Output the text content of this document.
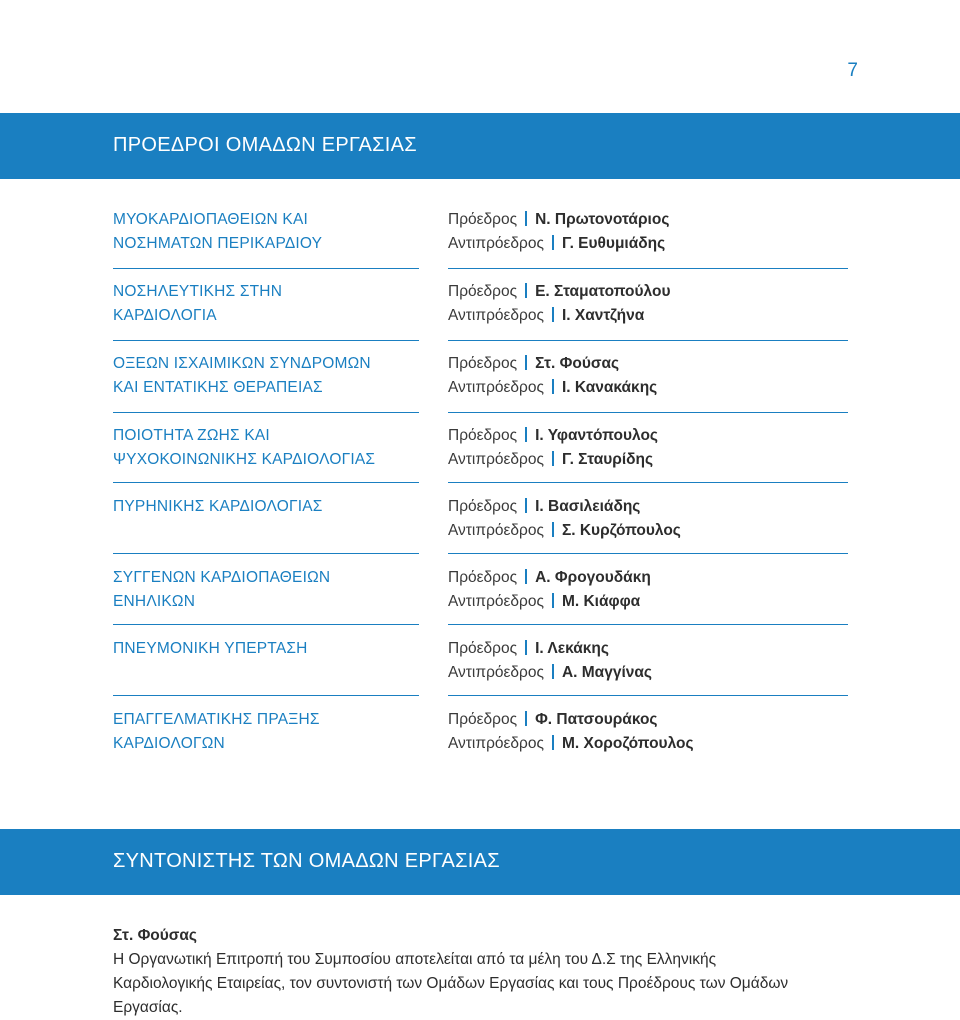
7
ΠΡΟΕΔΡΟΙ ΟΜΑΔΩΝ ΕΡΓΑΣΙΑΣ
ΜΥΟΚΑΡΔΙΟΠΑΘΕΙΩΝ ΚΑΙ
ΝΟΣΗΜΑΤΩΝ ΠΕΡΙΚΑΡΔΙΟΥ
Πρόεδρος Ν. Πρωτονοτάριος
Αντιπρόεδρος Γ. Ευθυμιάδης
ΝΟΣΗΛΕΥΤΙΚΗΣ ΣΤΗΝ
ΚΑΡΔΙΟΛΟΓΙΑ
Πρόεδρος Ε. Σταματοπούλου
Αντιπρόεδρος Ι. Χαντζήνα
ΟΞΕΩΝ ΙΣΧΑΙΜΙΚΩΝ ΣΥΝΔΡΟΜΩΝ
ΚΑΙ ΕΝΤΑΤΙΚΗΣ ΘΕΡΑΠΕΙΑΣ
Πρόεδρος Στ. Φούσας
Αντιπρόεδρος Ι. Κανακάκης
ΠΟΙΟΤΗΤΑ ΖΩΗΣ ΚΑΙ
ΨΥΧΟΚΟΙΝΩΝΙΚΗΣ ΚΑΡΔΙΟΛΟΓΙΑΣ
Πρόεδρος Ι. Υφαντόπουλος
Αντιπρόεδρος Γ. Σταυρίδης
ΠΥΡΗΝΙΚΗΣ ΚΑΡΔΙΟΛΟΓΙΑΣ	Πρόεδρος Ι. Βασιλειάδης
Αντιπρόεδρος Σ. Κυρζόπουλος
ΣΥΓΓΕΝΩΝ ΚΑΡΔΙΟΠΑΘΕΙΩΝ
ΕΝΗΛΙΚΩΝ
Πρόεδρος Α. Φρογουδάκη
Αντιπρόεδρος Μ. Κιάφφα
ΠΝΕΥΜΟΝΙΚΗ ΥΠΕΡΤΑΣΗ	Πρόεδρος Ι. Λεκάκης
Αντιπρόεδρος Α. Μαγγίνας
ΕΠΑΓΓΕΛΜΑΤΙΚΗΣ ΠΡΑΞΗΣ
ΚΑΡΔΙΟΛΟΓΩΝ
Πρόεδρος Φ. Πατσουράκος
Αντιπρόεδρος Μ. Χοροζόπουλος
ΣΥΝΤΟΝΙΣΤΗΣ ΤΩΝ ΟΜΑΔΩΝ ΕΡΓΑΣΙΑΣ
Στ. Φούσας
Η Οργανωτική Επιτροπή του Συμποσίου αποτελείται από τα μέλη του Δ.Σ της Ελληνικής Καρδιολογικής Εταιρείας, τον συντονιστή των Ομάδων Εργασίας και τους Προέδρους των Ομάδων Εργασίας.
